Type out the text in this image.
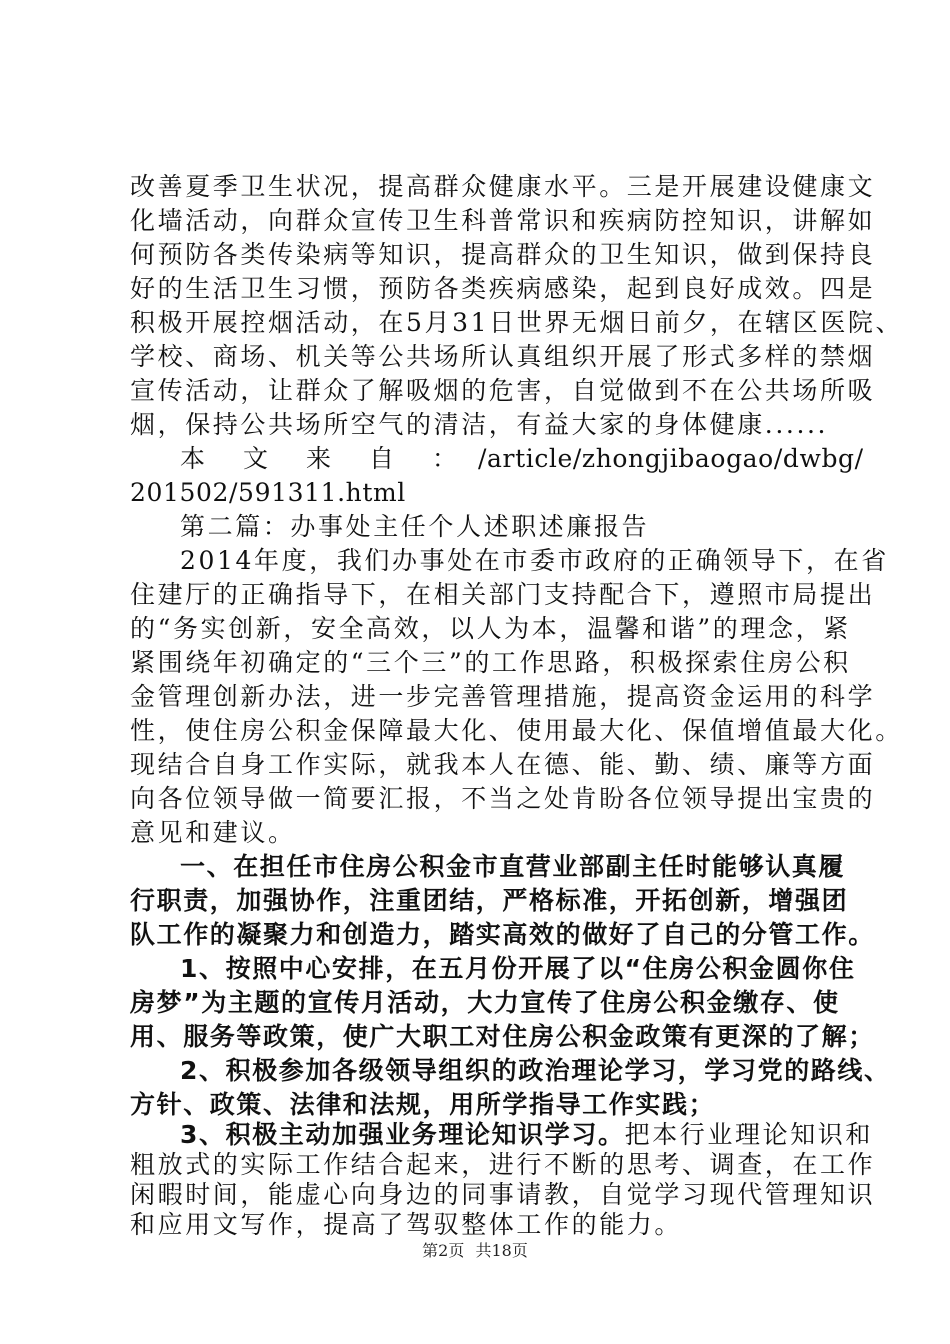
改善夏季卫生状况，提高群众健康水平。三是开展建设健康文
化墙活动，向群众宣传卫生科普常识和疾病防控知识，讲解如
何预防各类传染病等知识，提高群众的卫生知识，做到保持良
好的生活卫生习惯，预防各类疾病感染，起到良好成效。四是
积极开展控烟活动，在5月31日世界无烟日前夕，在辖区医院、
学校、商场、机关等公共场所认真组织开展了形式多样的禁烟
宣传活动，让群众了解吸烟的危害，自觉做到不在公共场所吸
烟，保持公共场所空气的清洁，有益大家的身体健康......
本文来自：
/article/zhongjibaogao/dwbg/
201502/591311.html
第二篇：办事处主任个人述职述廉报告
2014年度，我们办事处在市委市政府的正确领导下，在省
住建厅的正确指导下，在相关部门支持配合下，遵照市局提出
的“务实创新，安全高效，以人为本，温馨和谐”的理念，紧
紧围绕年初确定的“三个三”的工作思路，积极探索住房公积
金管理创新办法，进一步完善管理措施，提高资金运用的科学
性，使住房公积金保障最大化、使用最大化、保值增值最大化。
现结合自身工作实际，就我本人在德、能、勤、绩、廉等方面
向各位领导做一简要汇报，不当之处肯盼各位领导提出宝贵的
意见和建议。
一、在担任市住房公积金市直营业部副主任时能够认真履
行职责，加强协作，注重团结，严格标准，开拓创新，增强团
队工作的凝聚力和创造力，踏实高效的做好了自己的分管工作。
1、按照中心安排，在五月份开展了以“住房公积金圆你住
房梦”为主题的宣传月活动，大力宣传了住房公积金缴存、使
用、服务等政策，使广大职工对住房公积金政策有更深的了解；
2、积极参加各级领导组织的政治理论学习，学习党的路线、
方针、政策、法律和法规，用所学指导工作实践；
3、积极主动加强业务理论知识学习。把本行业理论知识和
粗放式的实际工作结合起来，进行不断的思考、调查，在工作
闲暇时间，能虚心向身边的同事请教，自觉学习现代管理知识
和应用文写作，提高了驾驭整体工作的能力。
第2页 共18页
